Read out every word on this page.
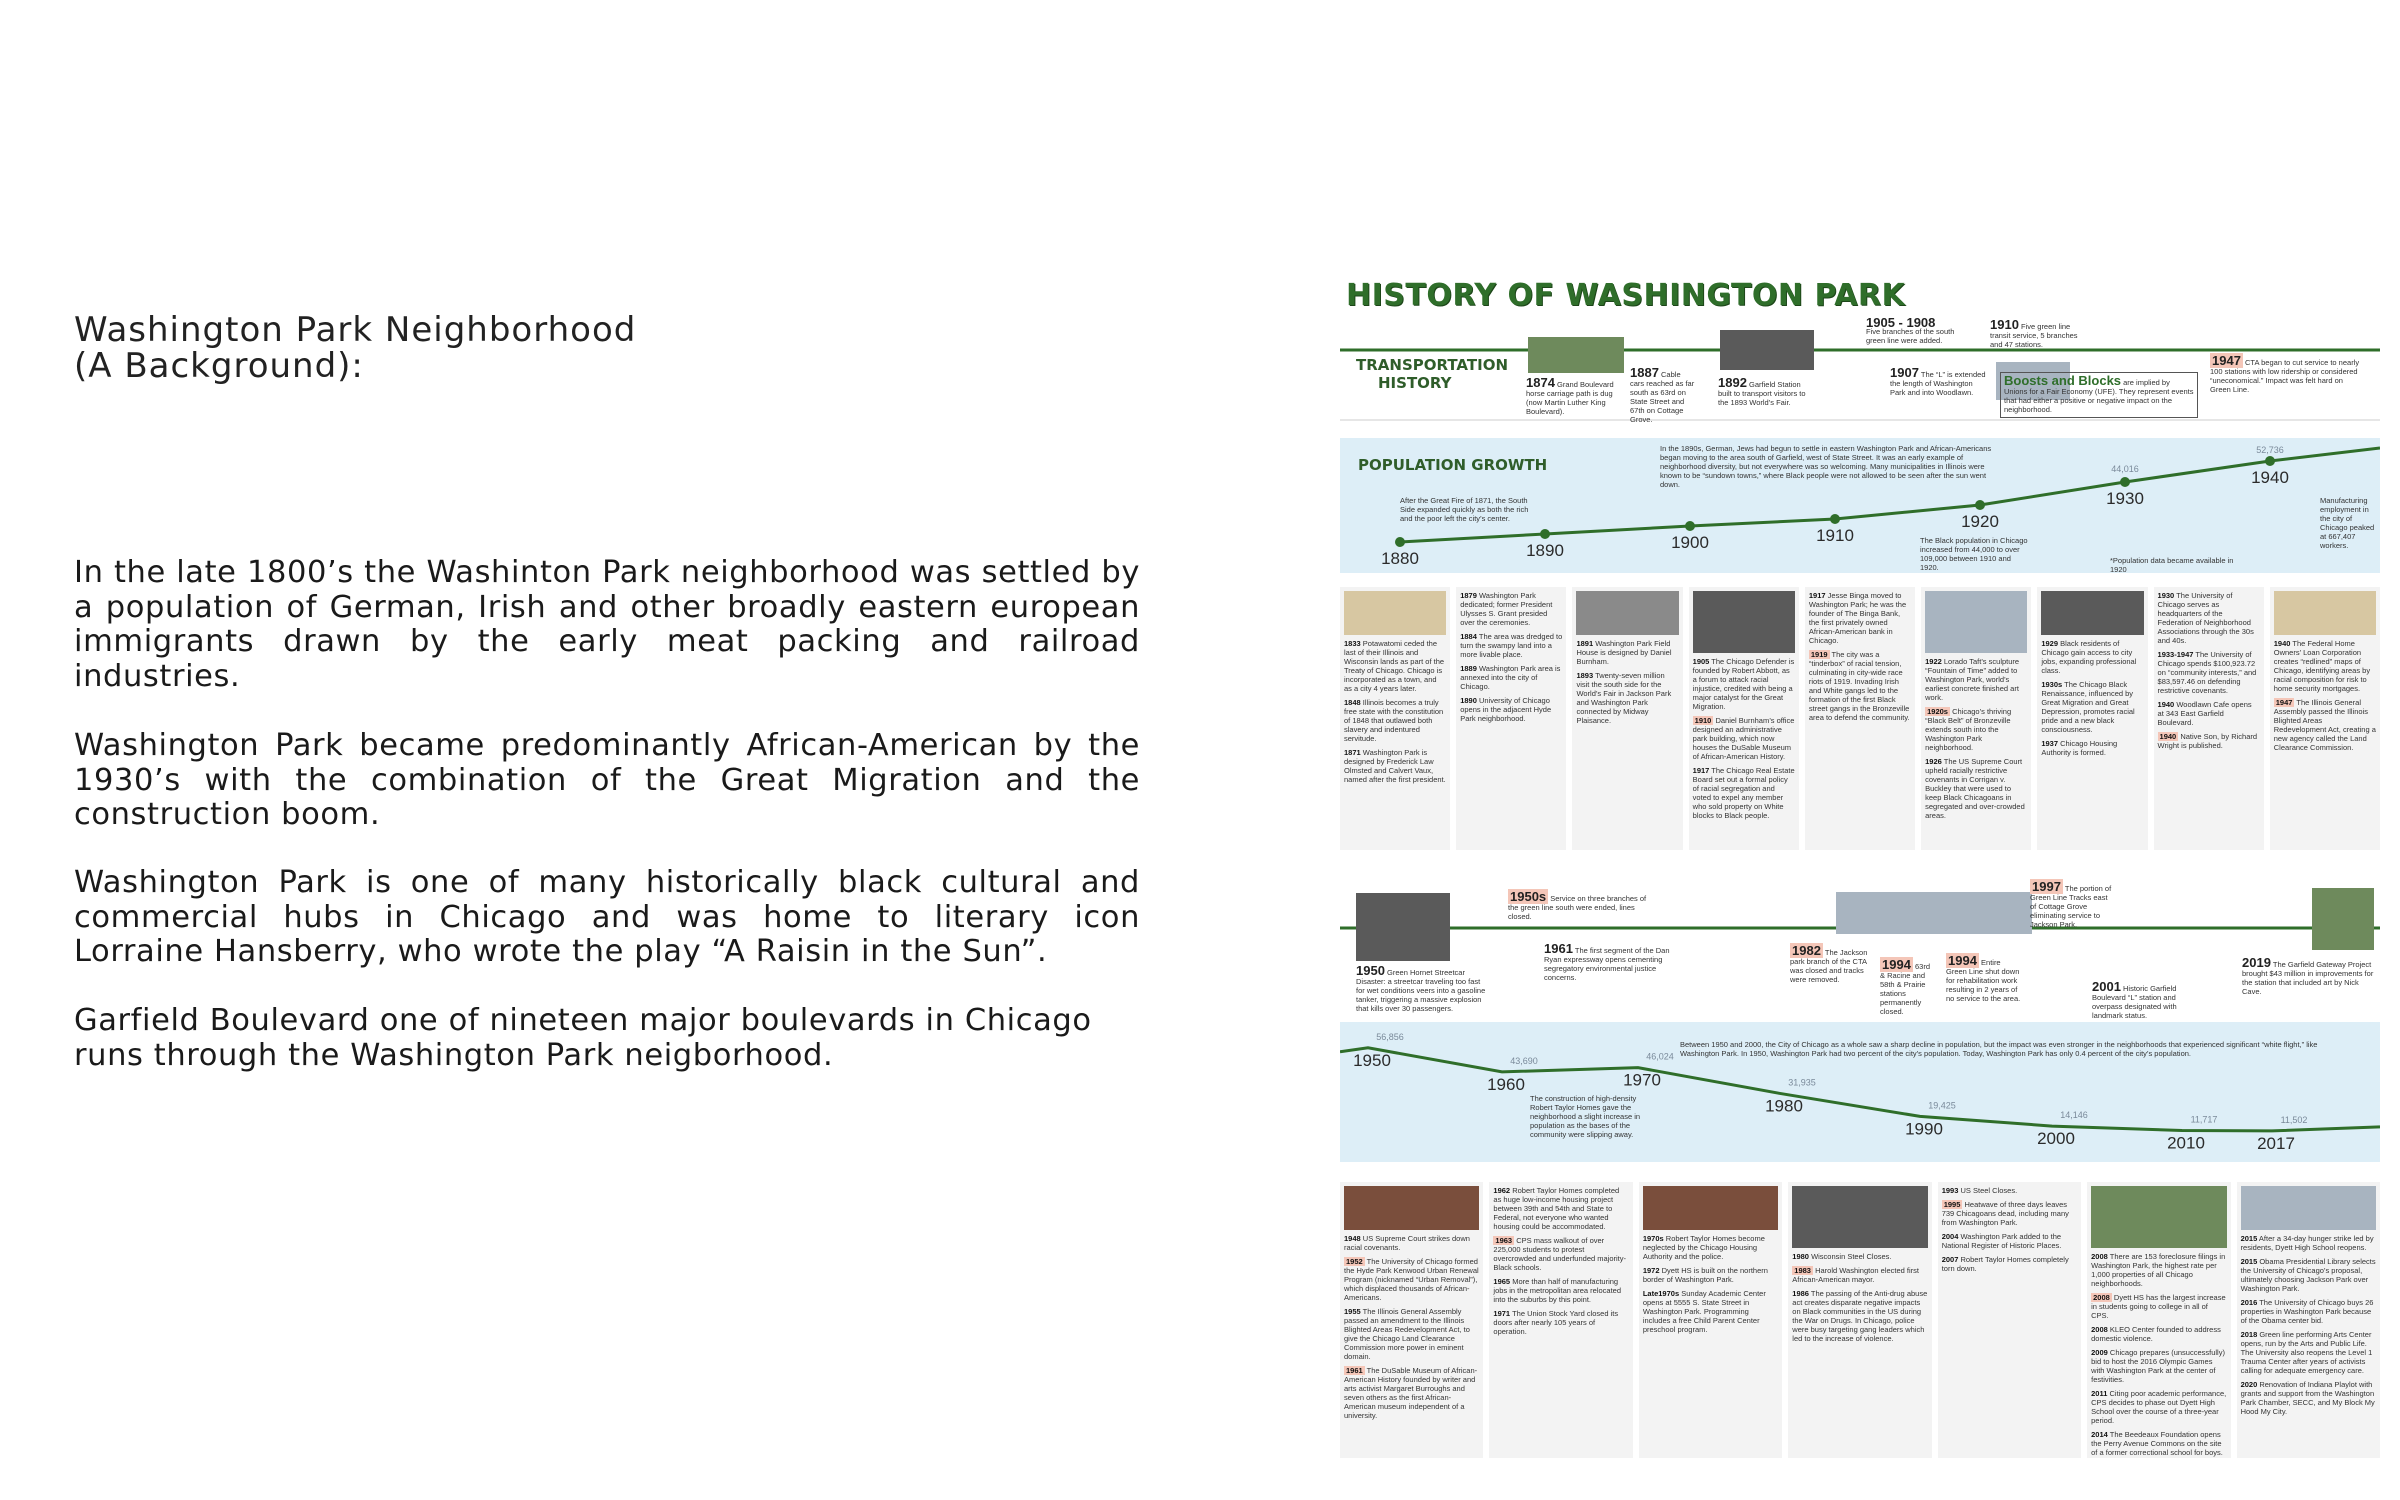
Washington Park Neighborhood
(A Background):
In the late 1800’s the Washinton Park neighborhood was settled by a population of German, Irish and other broadly eastern european immigrants drawn by the early meat packing and railroad industries.
Washington Park became predominantly African-American by the 1930’s with the combination of the Great Migration and the construction boom.
Washington Park is one of many historically black cultural and commercial hubs in Chicago and was home to literary icon Lorraine Hansberry, who wrote the play “A Raisin in the Sun”.
Garfield Boulevard one of nineteen major boulevards in Chicago runs through the Washington Park neigborhood.
HISTORY OF WASHINGTON PARK
TRANSPORTATION
HISTORY	1874 Grand Boulevard horse carriage path is dug (now Martin Luther King Boulevard).
1887 Cable cars reached as far south as 63rd on State Street and 67th on Cottage Grove.
1892 Garfield Station built to transport visitors to the 1893 World’s Fair.
1905 - 1908
Five branches of the south green line were added.
1907 The “L” is extended the length of Washington Park and into Woodlawn.
1910 Five green line transit service, 5 branches and 47 stations.
Boosts and Blocks are implied by Unions for a Fair Economy (UFE). They represent events that had either a positive or negative impact on the neighborhood.
1947 CTA began to cut service to nearly 100 stations with low ridership or considered “uneconomical.” Impact was felt hard on Green Line.
POPULATION GROWTH
1880	1890	1900	1910
1920
1930
1940
44,016
52,736
After the Great Fire of 1871, the South Side expanded quickly as both the rich and the poor left the city’s center.
In the 1890s, German, Jews had begun to settle in eastern Washington Park and African-Americans began moving to the area south of Garfield, west of State Street. It was an early example of neighborhood diversity, but not everywhere was so welcoming. Many municipalities in Illinois were known to be “sundown towns,” where Black people were not allowed to be seen after the sun went down.
The Black population in Chicago increased from 44,000 to over 109,000 between 1910 and 1920.
Manufacturing employment in the city of Chicago peaked at 667,407 workers.
*Population data became available in 1920
1833 Potawatomi ceded the last of their Illinois and Wisconsin lands as part of the Treaty of Chicago. Chicago is incorporated as a town, and as a city 4 years later.
1848 Illinois becomes a truly free state with the constitution of 1848 that outlawed both slavery and indentured servitude.
1871 Washington Park is designed by Frederick Law Olmsted and Calvert Vaux, named after the first president.
1879 Washington Park dedicated; former President Ulysses S. Grant presided over the ceremonies.
1884 The area was dredged to turn the swampy land into a more livable place.
1889 Washington Park area is annexed into the city of Chicago.
1890 University of Chicago opens in the adjacent Hyde Park neighborhood.
1891 Washington Park Field House is designed by Daniel Burnham.
1893 Twenty-seven million visit the south side for the World’s Fair in Jackson Park and Washington Park connected by Midway Plaisance.
1905 The Chicago Defender is founded by Robert Abbott, as a forum to attack racial injustice, credited with being a major catalyst for the Great Migration.
1910 Daniel Burnham’s office designed an administrative park building, which now houses the DuSable Museum of African-American History.
1917 The Chicago Real Estate Board set out a formal policy of racial segregation and voted to expel any member who sold property on White blocks to Black people.
1917 Jesse Binga moved to Washington Park; he was the founder of The Binga Bank, the first privately owned African-American bank in Chicago.
1919 The city was a “tinderbox” of racial tension, culminating in city-wide race riots of 1919. Invading Irish and White gangs led to the formation of the first Black street gangs in the Bronzeville area to defend the community.
1922 Lorado Taft’s sculpture “Fountain of Time” added to Washington Park, world’s earliest concrete finished art work.
1920s Chicago’s thriving “Black Belt” of Bronzeville extends south into the Washington Park neighborhood.
1926 The US Supreme Court upheld racially restrictive covenants in Corrigan v. Buckley that were used to keep Black Chicagoans in segregated and over-crowded areas.
1929 Black residents of Chicago gain access to city jobs, expanding professional class.
1930s The Chicago Black Renaissance, influenced by Great Migration and Great Depression, promotes racial pride and a new black consciousness.
1937 Chicago Housing Authority is formed.
1930 The University of Chicago serves as headquarters of the Federation of Neighborhood Associations through the 30s and 40s.
1933-1947 The University of Chicago spends $100,923.72 on “community interests,” and $83,597.46 on defending restrictive covenants.
1940 Woodlawn Cafe opens at 343 East Garfield Boulevard.
1940 Native Son, by Richard Wright is published.
1940 The Federal Home Owners’ Loan Corporation creates “redlined” maps of Chicago, identifying areas by racial composition for risk to home security mortgages.
1947 The Illinois General Assembly passed the Illinois Blighted Areas Redevelopment Act, creating a new agency called the Land Clearance Commission.
1950s Service on three branches of the green line south were ended, lines closed.
1950 Green Hornet Streetcar Disaster: a streetcar traveling too fast for wet conditions veers into a gasoline tanker, triggering a massive explosion that kills over 30 passengers.
1961 The first segment of the Dan Ryan expressway opens cementing segregatory environmental justice concerns.
1982 The Jackson park branch of the CTA was closed and tracks were removed.
1994 63rd & Racine and 58th & Prairie stations permanently closed.
1994 Entire Green Line shut down for rehabilitation work resulting in 2 years of no service to the area.
1997 The portion of Green Line Tracks east of Cottage Grove eliminating service to Jackson Park.
2001 Historic Garfield Boulevard “L” station and overpass designated with landmark status.
2019 The Garfield Gateway Project brought $43 million in improvements for the station that included art by Nick Cave.
1950
56,856
1960
43,690
1970
46,024
1980
31,935
1990
19,425
2000
14,146
2010
11,717
2017
11,502
Between 1950 and 2000, the City of Chicago as a whole saw a sharp decline in population, but the impact was even stronger in the neighborhoods that experienced significant “white flight,” like Washington Park. In 1950, Washington Park had two percent of the city’s population. Today, Washington Park has only 0.4 percent of the city’s population.
The construction of high-density Robert Taylor Homes gave the neighborhood a slight increase in population as the bases of the community were slipping away.
1948 US Supreme Court strikes down racial covenants.
1952 The University of Chicago formed the Hyde Park Kenwood Urban Renewal Program (nicknamed “Urban Removal”), which displaced thousands of African-Americans.
1955 The Illinois General Assembly passed an amendment to the Illinois Blighted Areas Redevelopment Act, to give the Chicago Land Clearance Commission more power in eminent domain.
1961 The DuSable Museum of African-American History founded by writer and arts activist Margaret Burroughs and seven others as the first African-American museum independent of a university.
1962 Robert Taylor Homes completed as huge low-income housing project between 39th and 54th and State to Federal, not everyone who wanted housing could be accommodated.
1963 CPS mass walkout of over 225,000 students to protest overcrowded and underfunded majority-Black schools.
1965 More than half of manufacturing jobs in the metropolitan area relocated into the suburbs by this point.
1971 The Union Stock Yard closed its doors after nearly 105 years of operation.
1970s Robert Taylor Homes become neglected by the Chicago Housing Authority and the police.
1972 Dyett HS is built on the northern border of Washington Park.
Late1970s Sunday Academic Center opens at 5555 S. State Street in Washington Park. Programming includes a free Child Parent Center preschool program.
1980 Wisconsin Steel Closes.
1983 Harold Washington elected first African-American mayor.
1986 The passing of the Anti-drug abuse act creates disparate negative impacts on Black communities in the US during the War on Drugs. In Chicago, police were busy targeting gang leaders which led to the increase of violence.
1993 US Steel Closes.
1995 Heatwave of three days leaves 739 Chicagoans dead, including many from Washington Park.
2004 Washington Park added to the National Register of Historic Places.
2007 Robert Taylor Homes completely torn down.
2008 There are 153 foreclosure filings in Washington Park, the highest rate per 1,000 properties of all Chicago neighborhoods.
2008 Dyett HS has the largest increase in students going to college in all of CPS.
2008 KLEO Center founded to address domestic violence.
2009 Chicago prepares (unsuccessfully) bid to host the 2016 Olympic Games with Washington Park at the center of festivities.
2011 Citing poor academic performance, CPS decides to phase out Dyett High School over the course of a three-year period.
2014 The Beedeaux Foundation opens the Perry Avenue Commons on the site of a former correctional school for boys.
2015 After a 34-day hunger strike led by residents, Dyett High School reopens.
2015 Obama Presidential Library selects the University of Chicago’s proposal, ultimately choosing Jackson Park over Washington Park.
2016 The University of Chicago buys 26 properties in Washington Park because of the Obama center bid.
2018 Green line performing Arts Center opens, run by the Arts and Public Life. The University also reopens the Level 1 Trauma Center after years of activists calling for adequate emergency care.
2020 Renovation of Indiana Playlot with grants and support from the Washington Park Chamber, SECC, and My Block My Hood My City.
